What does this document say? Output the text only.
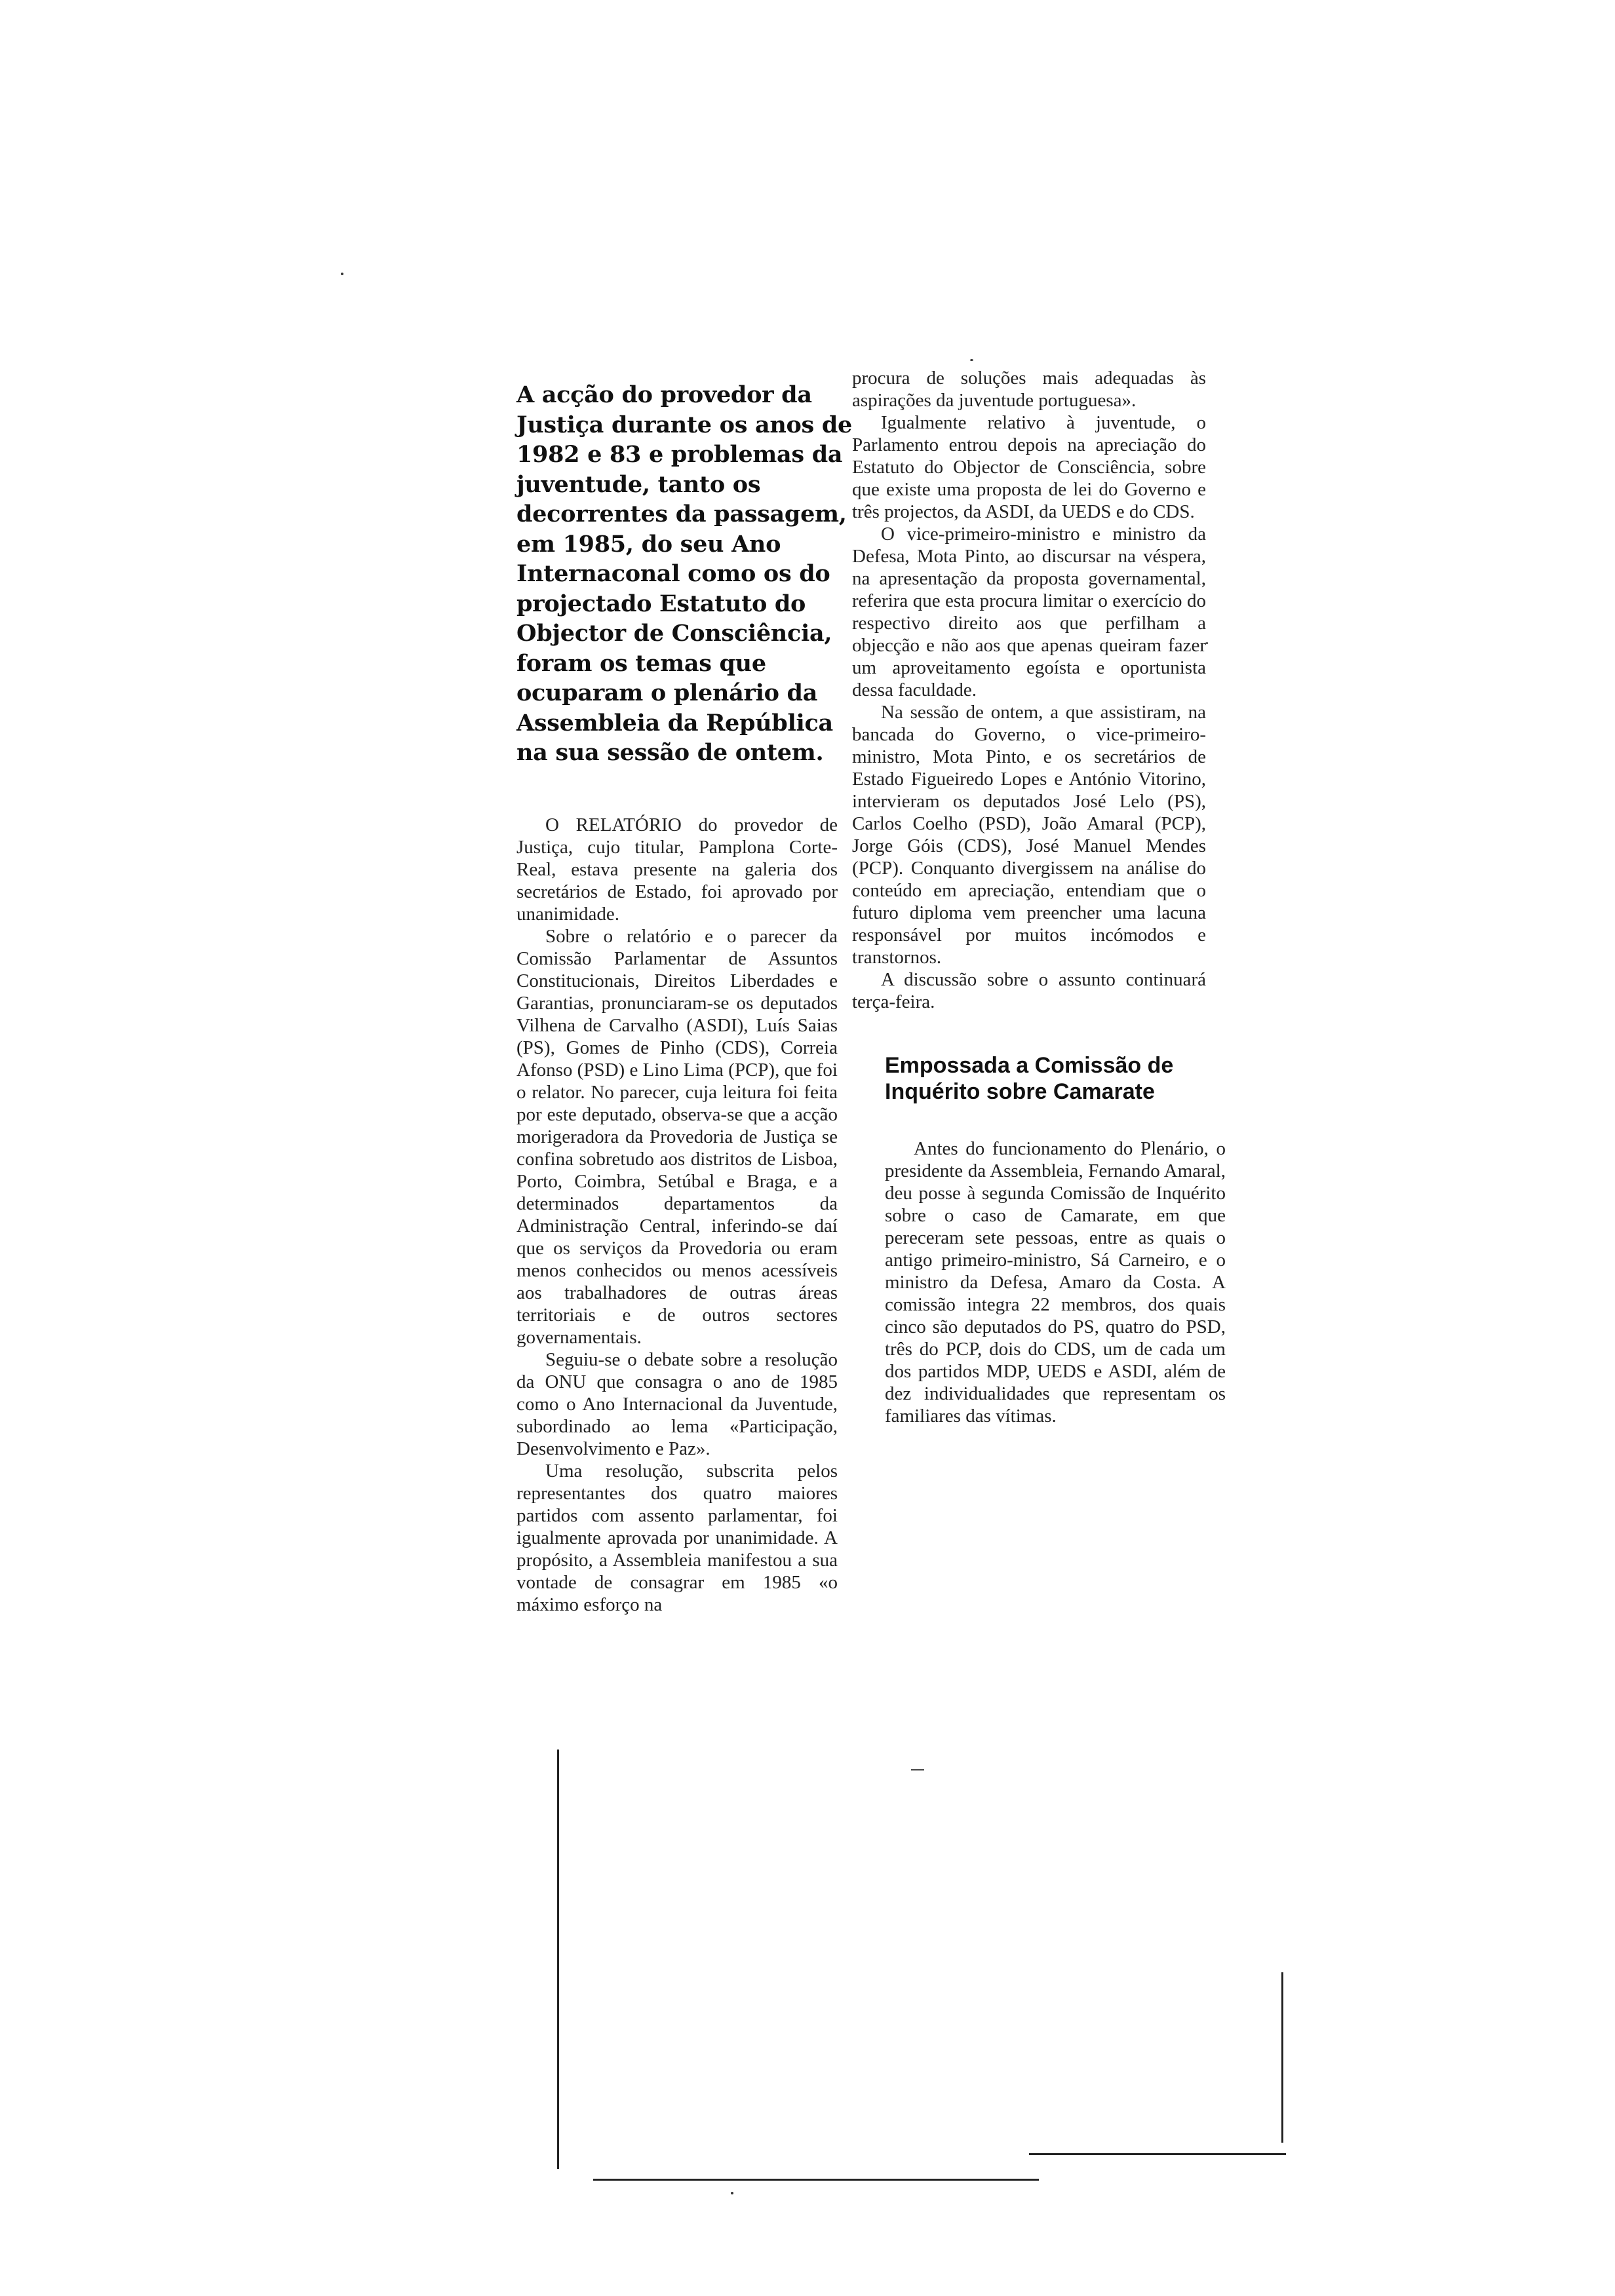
A acção do provedor da Justiça durante os anos de 1982 e 83 e problemas da juventude, tanto os decorrentes da passagem, em 1985, do seu Ano Internaconal como os do projectado Estatuto do Objector de Consciência, foram os temas que ocuparam o plenário da Assembleia da República na sua sessão de ontem.

O RELATÓRIO do provedor de Justiça, cujo titular, Pamplona Corte-Real, estava presente na galeria dos secretários de Estado, foi aprovado por unanimidade.

Sobre o relatório e o parecer da Comissão Parlamentar de Assuntos Constitucionais, Direitos Liberdades e Garantias, pronunciaram-se os deputados Vilhena de Carvalho (ASDI), Luís Saias (PS), Gomes de Pinho (CDS), Correia Afonso (PSD) e Lino Lima (PCP), que foi o relator. No parecer, cuja leitura foi feita por este deputado, observa-se que a acção morigeradora da Provedoria de Justiça se confina sobretudo aos distritos de Lisboa, Porto, Coimbra, Setúbal e Braga, e a determinados departamentos da Administração Central, inferindo-se daí que os serviços da Provedoria ou eram menos conhecidos ou menos acessíveis aos trabalhadores de outras áreas territoriais e de outros sectores governamentais.

Seguiu-se o debate sobre a resolução da ONU que consagra o ano de 1985 como o Ano Internacional da Juventude, subordinado ao lema «Participação, Desenvolvimento e Paz».

Uma resolução, subscrita pelos representantes dos quatro maiores partidos com assento parlamentar, foi igualmente aprovada por unanimidade. A propósito, a Assembleia manifestou a sua vontade de consagrar em 1985 «o máximo esforço na

procura de soluções mais adequadas às aspirações da juventude portuguesa».

Igualmente relativo à juventude, o Parlamento entrou depois na apreciação do Estatuto do Objector de Consciência, sobre que existe uma proposta de lei do Governo e três projectos, da ASDI, da UEDS e do CDS.

O vice-primeiro-ministro e ministro da Defesa, Mota Pinto, ao discursar na véspera, na apresentação da proposta governamental, referira que esta procura limitar o exercício do respectivo direito aos que perfilham a objecção e não aos que apenas queiram fazer um aproveitamento egoísta e oportunista dessa faculdade.

Na sessão de ontem, a que assistiram, na bancada do Governo, o vice-primeiro-ministro, Mota Pinto, e os secretários de Estado Figueiredo Lopes e António Vitorino, intervieram os deputados José Lelo (PS), Carlos Coelho (PSD), João Amaral (PCP), Jorge Góis (CDS), José Manuel Mendes (PCP). Conquanto divergissem na análise do conteúdo em apreciação, entendiam que o futuro diploma vem preencher uma lacuna responsável por muitos incómodos e transtornos.

A discussão sobre o assunto continuará terça-feira.

Empossada a Comissão de Inquérito sobre Camarate

Antes do funcionamento do Plenário, o presidente da Assembleia, Fernando Amaral, deu posse à segunda Comissão de Inquérito sobre o caso de Camarate, em que pereceram sete pessoas, entre as quais o antigo primeiro-ministro, Sá Carneiro, e o ministro da Defesa, Amaro da Costa. A comissão integra 22 membros, dos quais cinco são deputados do PS, quatro do PSD, três do PCP, dois do CDS, um de cada um dos partidos MDP, UEDS e ASDI, além de dez individualidades que representam os familiares das vítimas.
